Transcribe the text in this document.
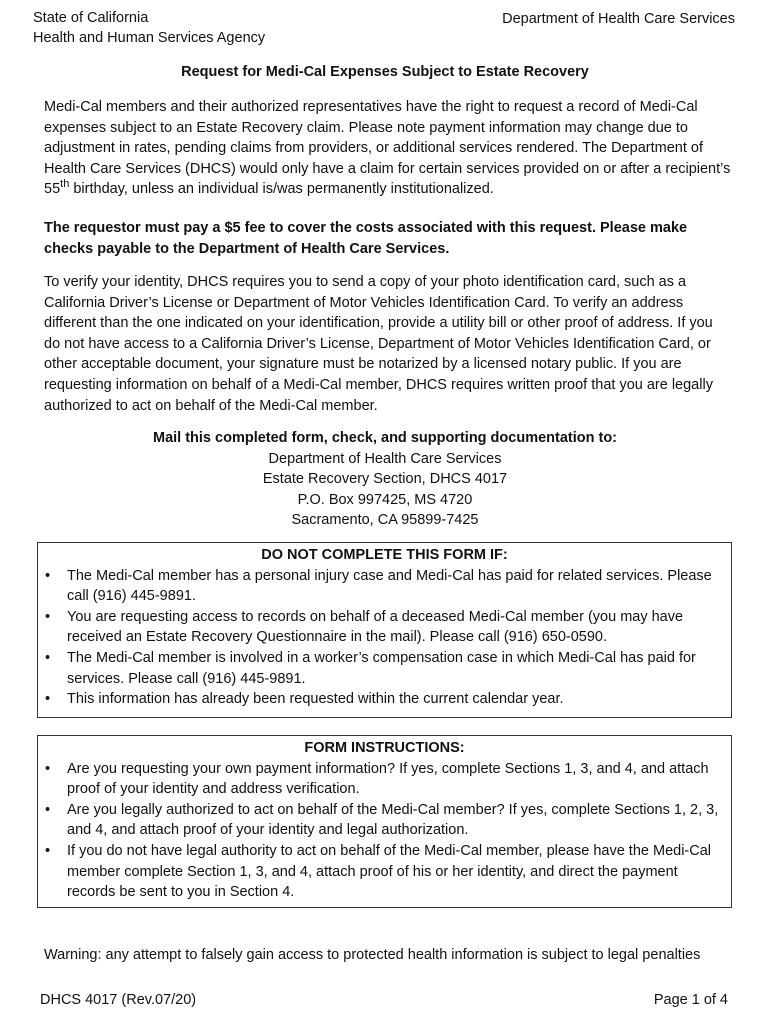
State of California
Health and Human Services Agency
Department of Health Care Services
Request for Medi-Cal Expenses Subject to Estate Recovery

Medi-Cal members and their authorized representatives have the right to request a record of Medi-Cal expenses subject to an Estate Recovery claim. Please note payment information may change due to adjustment in rates, pending claims from providers, or additional services rendered. The Department of Health Care Services (DHCS) would only have a claim for certain services provided on or after a recipient’s 55th birthday, unless an individual is/was permanently institutionalized.

The requestor must pay a $5 fee to cover the costs associated with this request. Please make checks payable to the Department of Health Care Services.

To verify your identity, DHCS requires you to send a copy of your photo identification card, such as a California Driver’s License or Department of Motor Vehicles Identification Card. To verify an address different than the one indicated on your identification, provide a utility bill or other proof of address. If you do not have access to a California Driver’s License, Department of Motor Vehicles Identification Card, or other acceptable document, your signature must be notarized by a licensed notary public. If you are requesting information on behalf of a Medi-Cal member, DHCS requires written proof that you are legally authorized to act on behalf of the Medi-Cal member.

Mail this completed form, check, and supporting documentation to:
Department of Health Care Services
Estate Recovery Section, DHCS 4017
P.O. Box 997425, MS 4720
Sacramento, CA 95899-7425
DO NOT COMPLETE THIS FORM IF:
• The Medi-Cal member has a personal injury case and Medi-Cal has paid for related services. Please call (916) 445-9891.
• You are requesting access to records on behalf of a deceased Medi-Cal member (you may have received an Estate Recovery Questionnaire in the mail). Please call (916) 650-0590.
• The Medi-Cal member is involved in a worker’s compensation case in which Medi-Cal has paid for services. Please call (916) 445-9891.
• This information has already been requested within the current calendar year.
FORM INSTRUCTIONS:
• Are you requesting your own payment information? If yes, complete Sections 1, 3, and 4, and attach proof of your identity and address verification.
• Are you legally authorized to act on behalf of the Medi-Cal member? If yes, complete Sections 1, 2, 3, and 4, and attach proof of your identity and legal authorization.
• If you do not have legal authority to act on behalf of the Medi-Cal member, please have the Medi-Cal member complete Section 1, 3, and 4, attach proof of his or her identity, and direct the payment records be sent to you in Section 4.
Warning: any attempt to falsely gain access to protected health information is subject to legal penalties
DHCS 4017 (Rev.07/20)	Page 1 of 4
